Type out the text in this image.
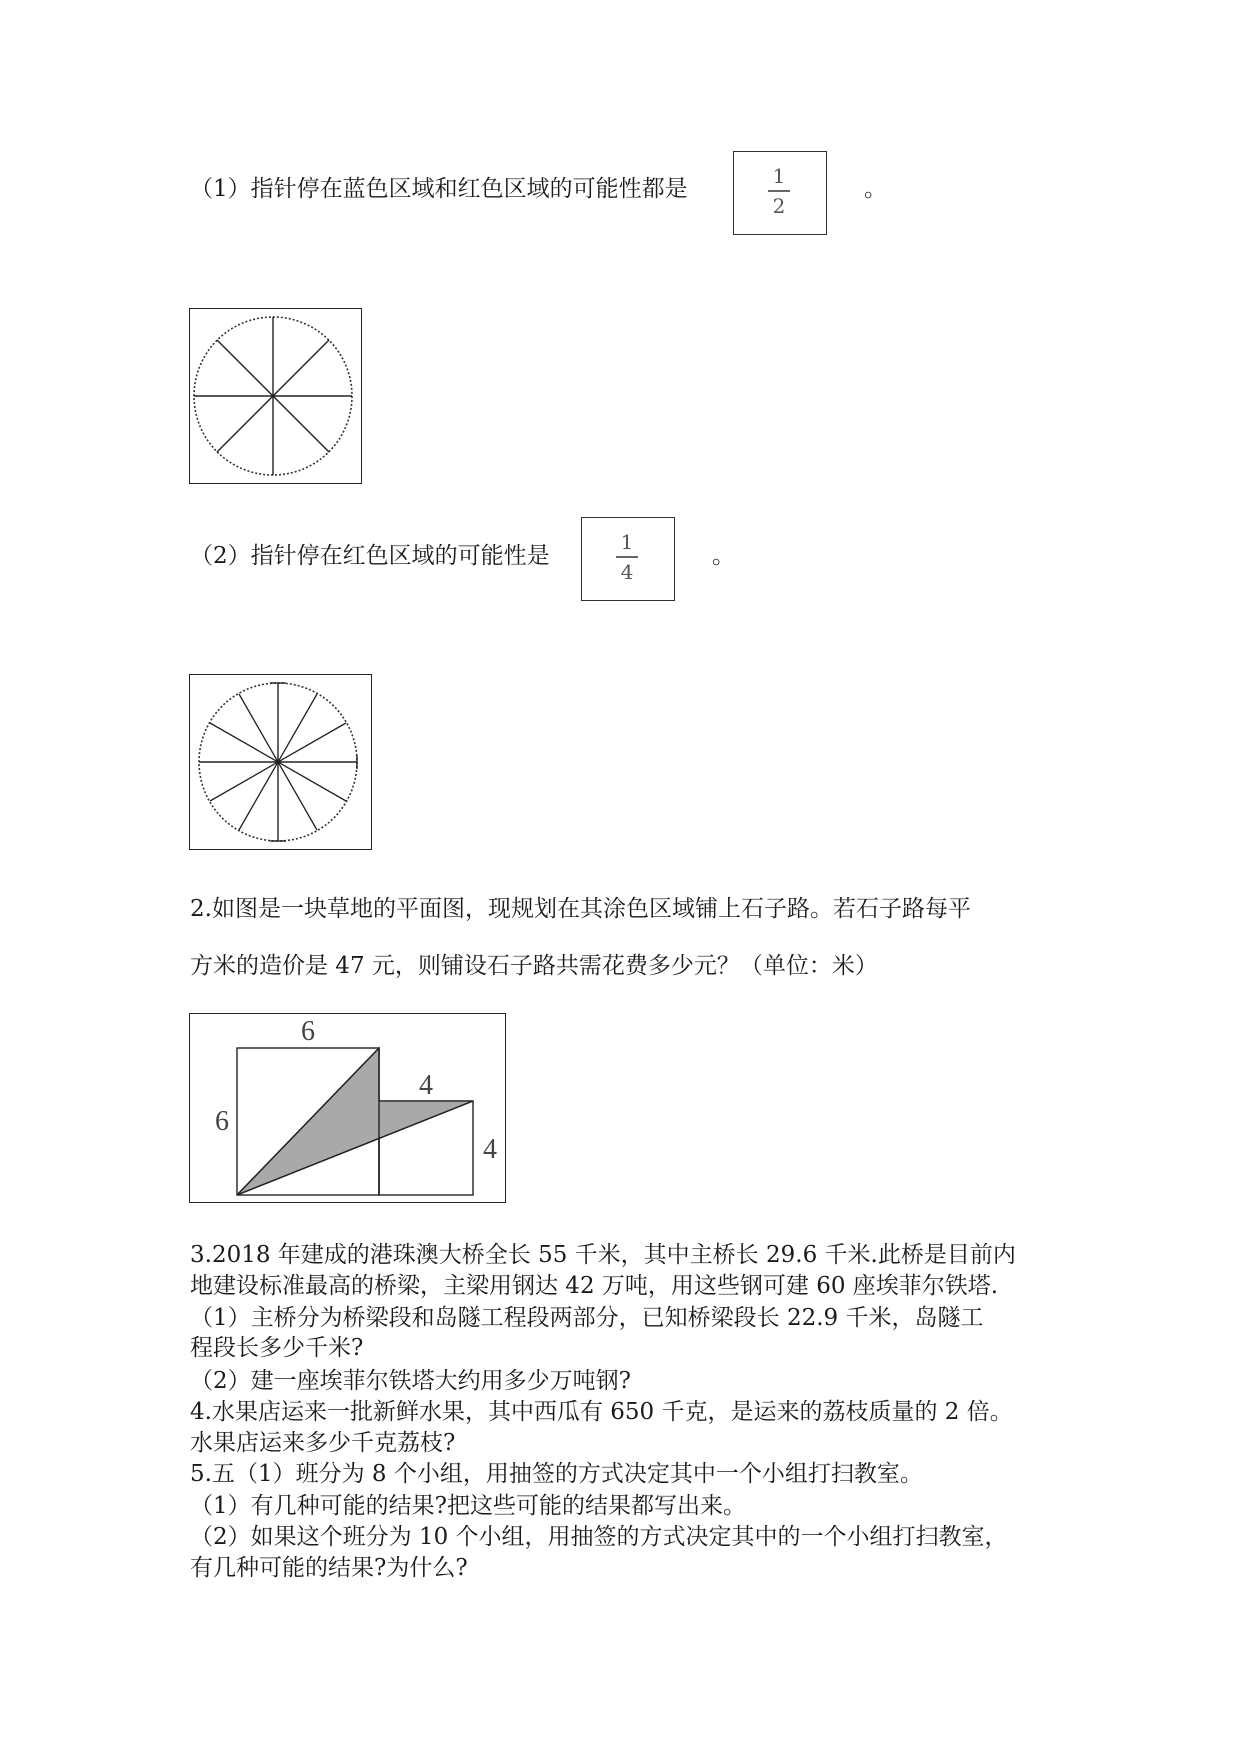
（1）指针停在蓝色区域和红色区域的可能性都是	1
2
。
（2）指针停在红色区域的可能性是
1
4
。
2.如图是一块草地的平面图，现规划在其涂色区域铺上石子路。若石子路每平
方米的造价是 47 元，则铺设石子路共需花费多少元？（单位：米）
6
6
4
4
3.2018 年建成的港珠澳大桥全长 55 千米，其中主桥长 29.6 千米.此桥是目前内
地建设标准最高的桥梁，主梁用钢达 42 万吨，用这些钢可建 60 座埃菲尔铁塔.
（1）主桥分为桥梁段和岛隧工程段两部分，已知桥梁段长 22.9 千米，岛隧工
程段长多少千米?
（2）建一座埃菲尔铁塔大约用多少万吨钢?
4.水果店运来一批新鲜水果，其中西瓜有 650 千克，是运来的荔枝质量的 2 倍。
水果店运来多少千克荔枝?
5.五（1）班分为 8 个小组，用抽签的方式决定其中一个小组打扫教室。
（1）有几种可能的结果?把这些可能的结果都写出来。
（2）如果这个班分为 10 个小组，用抽签的方式决定其中的一个小组打扫教室，
有几种可能的结果?为什么?
